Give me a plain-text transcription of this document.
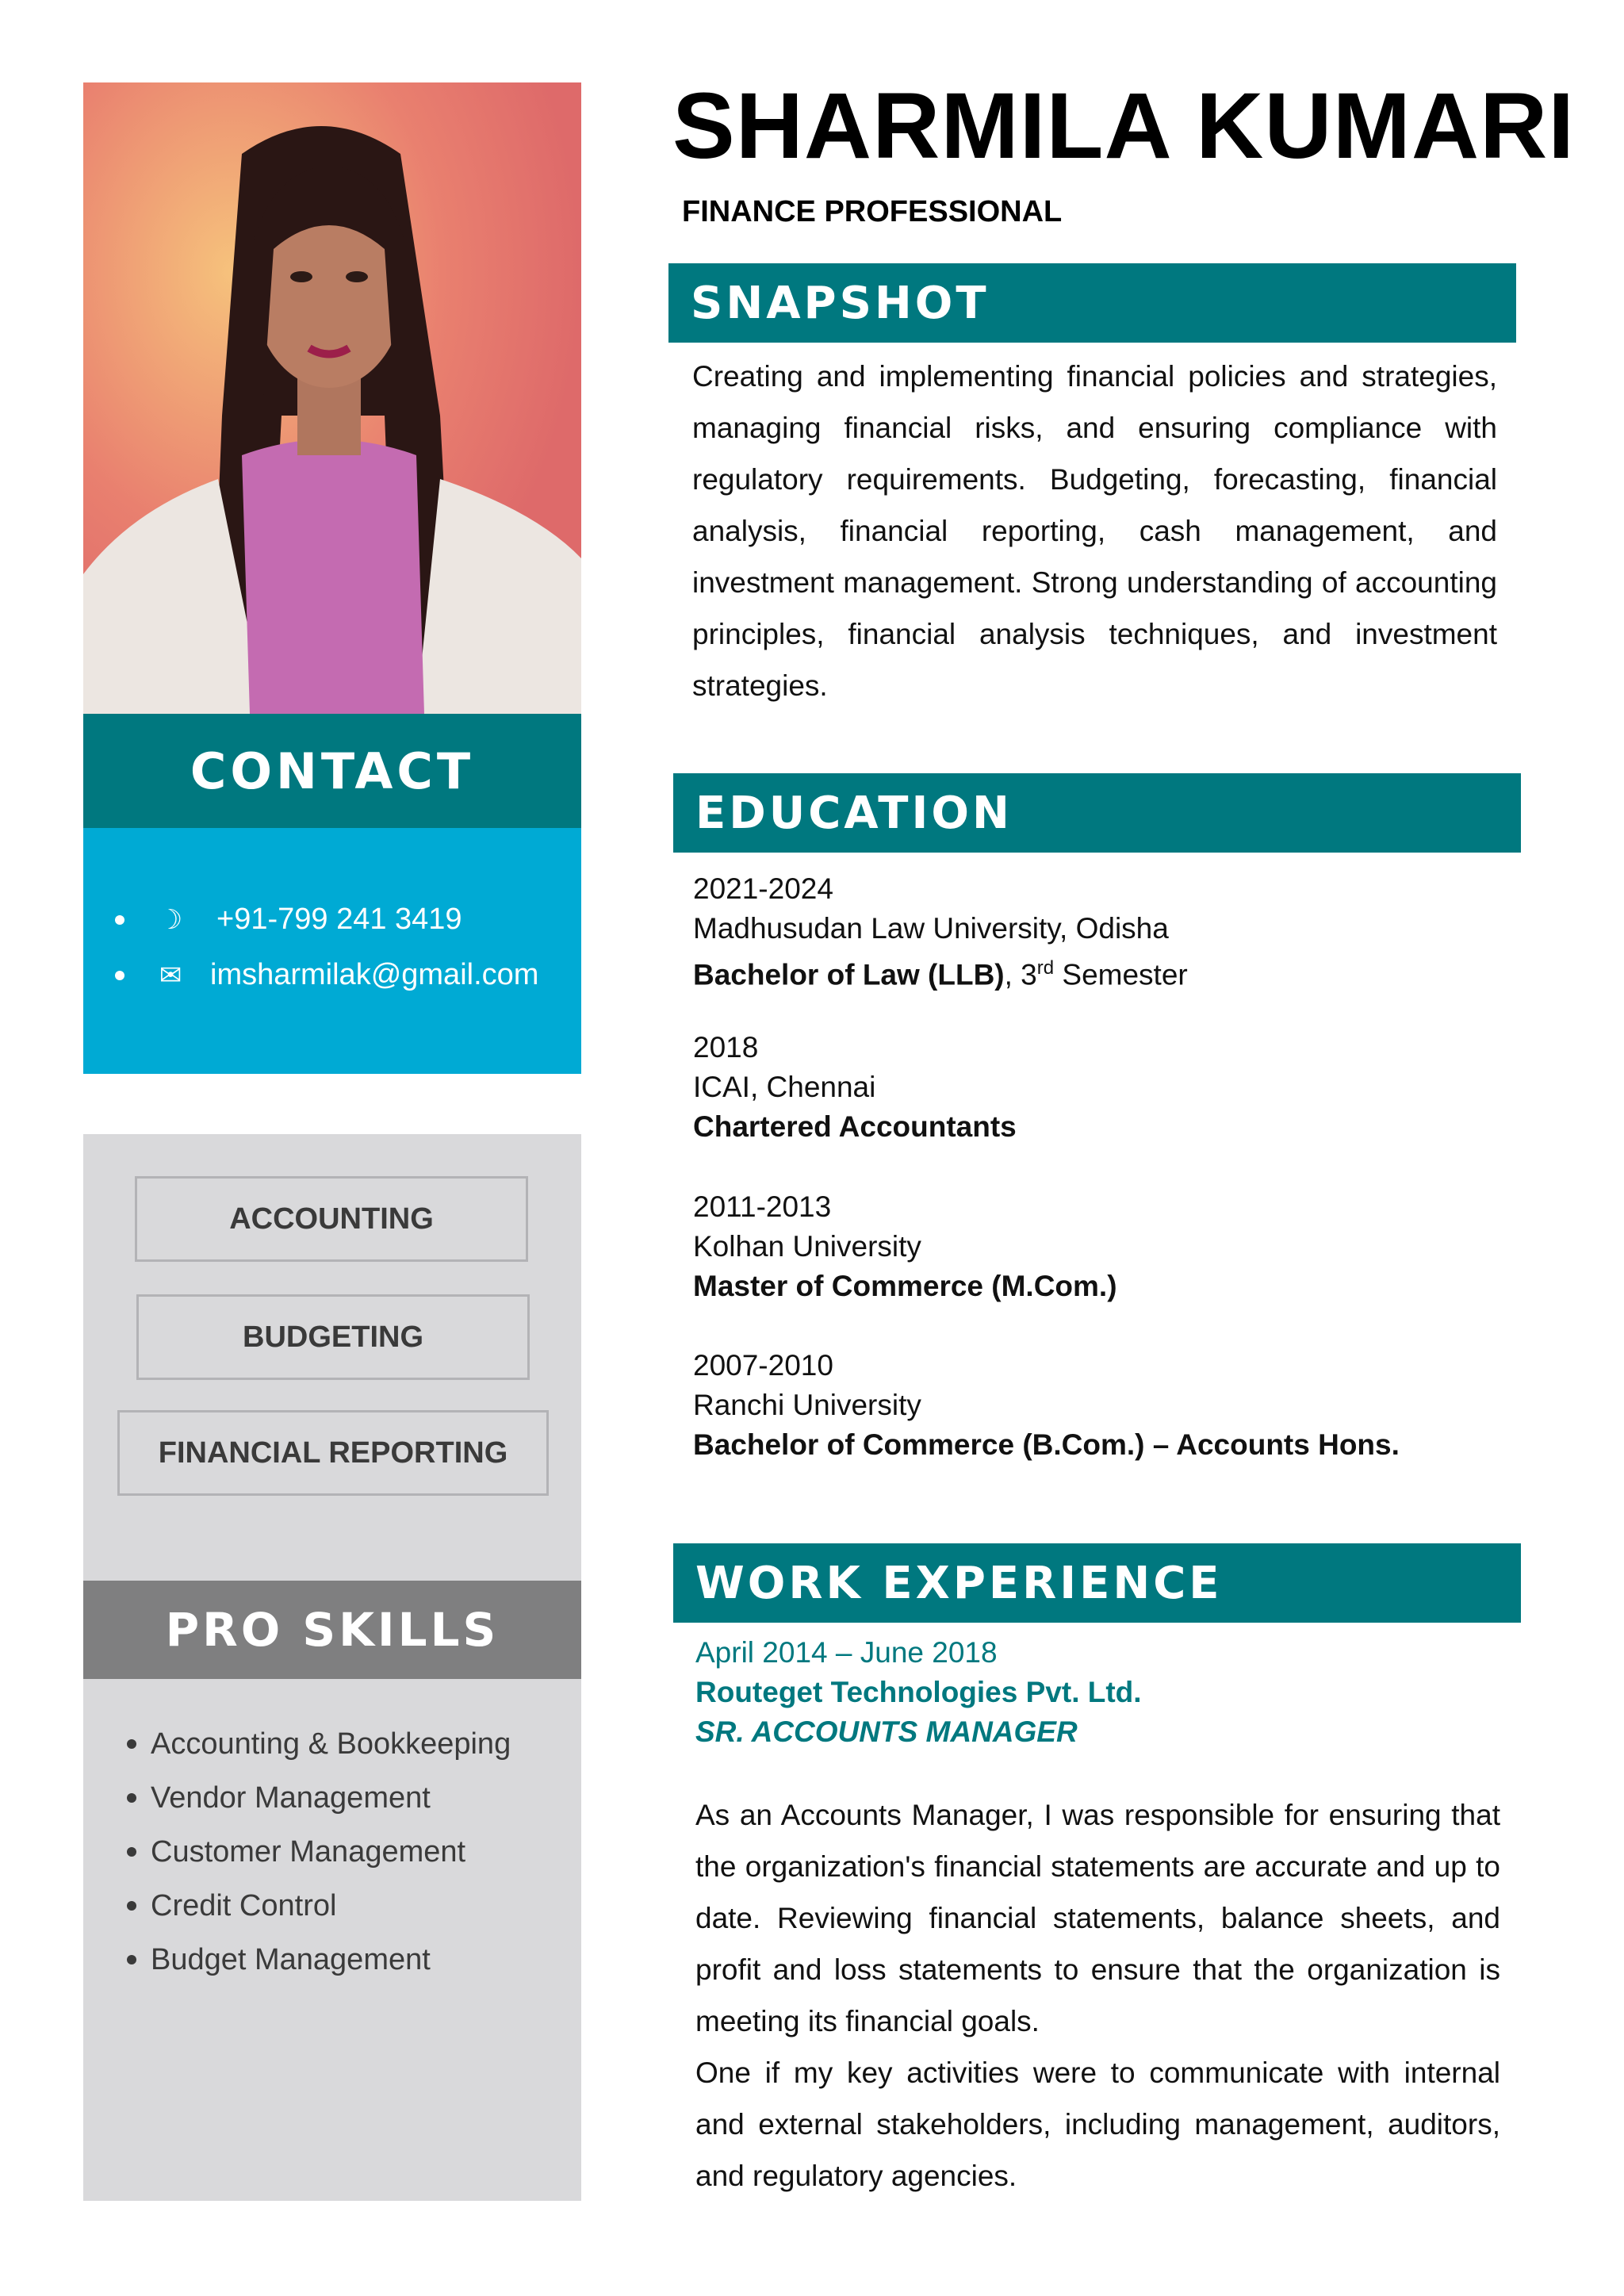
CONTACT
☽ +91-799 241 3419
✉ imsharmilak@gmail.com
ACCOUNTING
BUDGETING
FINANCIAL REPORTING
PRO SKILLS
Accounting & Bookkeeping
Vendor Management
Customer Management
Credit Control
Budget Management
SHARMILA KUMARI
FINANCE PROFESSIONAL
SNAPSHOT
Creating and implementing financial policies and strategies, managing financial risks, and ensuring compliance with regulatory requirements. Budgeting, forecasting, financial analysis, financial reporting, cash management, and investment management. Strong understanding of accounting principles, financial analysis techniques, and investment strategies.
EDUCATION
2021-2024
Madhusudan Law University, Odisha
Bachelor of Law (LLB), 3rd Semester
2018
ICAI, Chennai
Chartered Accountants
2011-2013
Kolhan University
Master of Commerce (M.Com.)
2007-2010
Ranchi University
Bachelor of Commerce (B.Com.) – Accounts Hons.
WORK EXPERIENCE
April 2014 – June 2018
Routeget Technologies Pvt. Ltd.
SR. ACCOUNTS MANAGER
As an Accounts Manager, I was responsible for ensuring that the organization's financial statements are accurate and up to date. Reviewing financial statements, balance sheets, and profit and loss statements to ensure that the organization is meeting its financial goals.
One if my key activities were to communicate with internal and external stakeholders, including management, auditors, and regulatory agencies.
